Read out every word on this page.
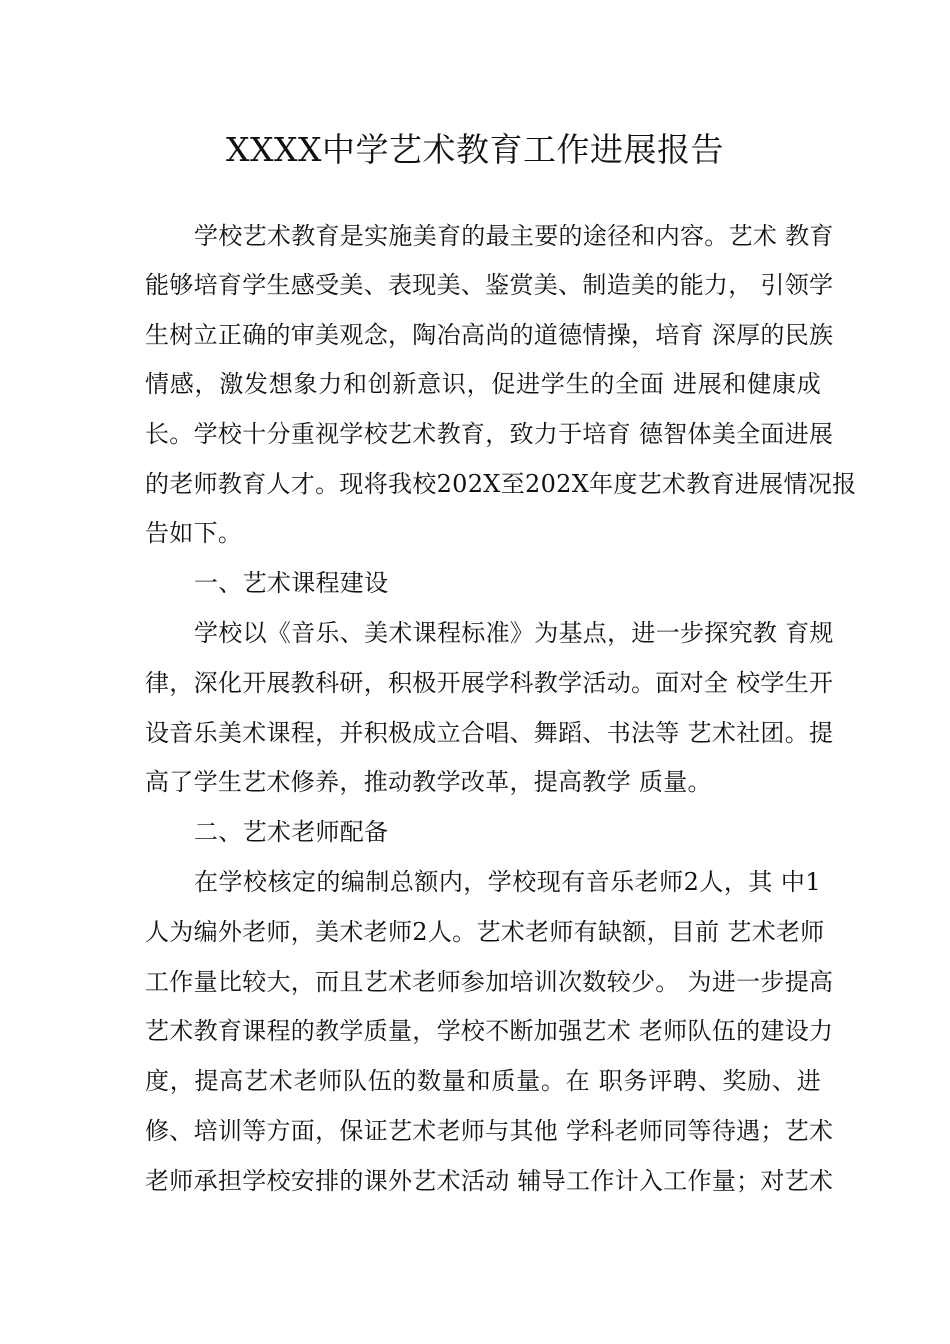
XXXX中学艺术教育工作进展报告
学校艺术教育是实施美育的最主要的途径和内容。艺术 教育
能够培育学生感受美、表现美、鉴赏美、制造美的能力， 引领学
生树立正确的审美观念，陶冶高尚的道德情操，培育 深厚的民族
情感，激发想象力和创新意识，促进学生的全面 进展和健康成
长。学校十分重视学校艺术教育，致力于培育 德智体美全面进展
的老师教育人才。现将我校202X至202X年度艺术教育进展情况报
告如下。
一、艺术课程建设
学校以《音乐、美术课程标准》为基点，进一步探究教 育规
律，深化开展教科研，积极开展学科教学活动。面对全 校学生开
设音乐美术课程，并积极成立合唱、舞蹈、书法等 艺术社团。提
高了学生艺术修养，推动教学改革，提高教学 质量。
二、艺术老师配备
在学校核定的编制总额内，学校现有音乐老师2人，其 中1
人为编外老师，美术老师2人。艺术老师有缺额，目前 艺术老师
工作量比较大，而且艺术老师参加培训次数较少。 为进一步提高
艺术教育课程的教学质量，学校不断加强艺术 老师队伍的建设力
度，提高艺术老师队伍的数量和质量。在 职务评聘、奖励、进
修、培训等方面，保证艺术老师与其他 学科老师同等待遇；艺术
老师承担学校安排的课外艺术活动 辅导工作计入工作量；对艺术
